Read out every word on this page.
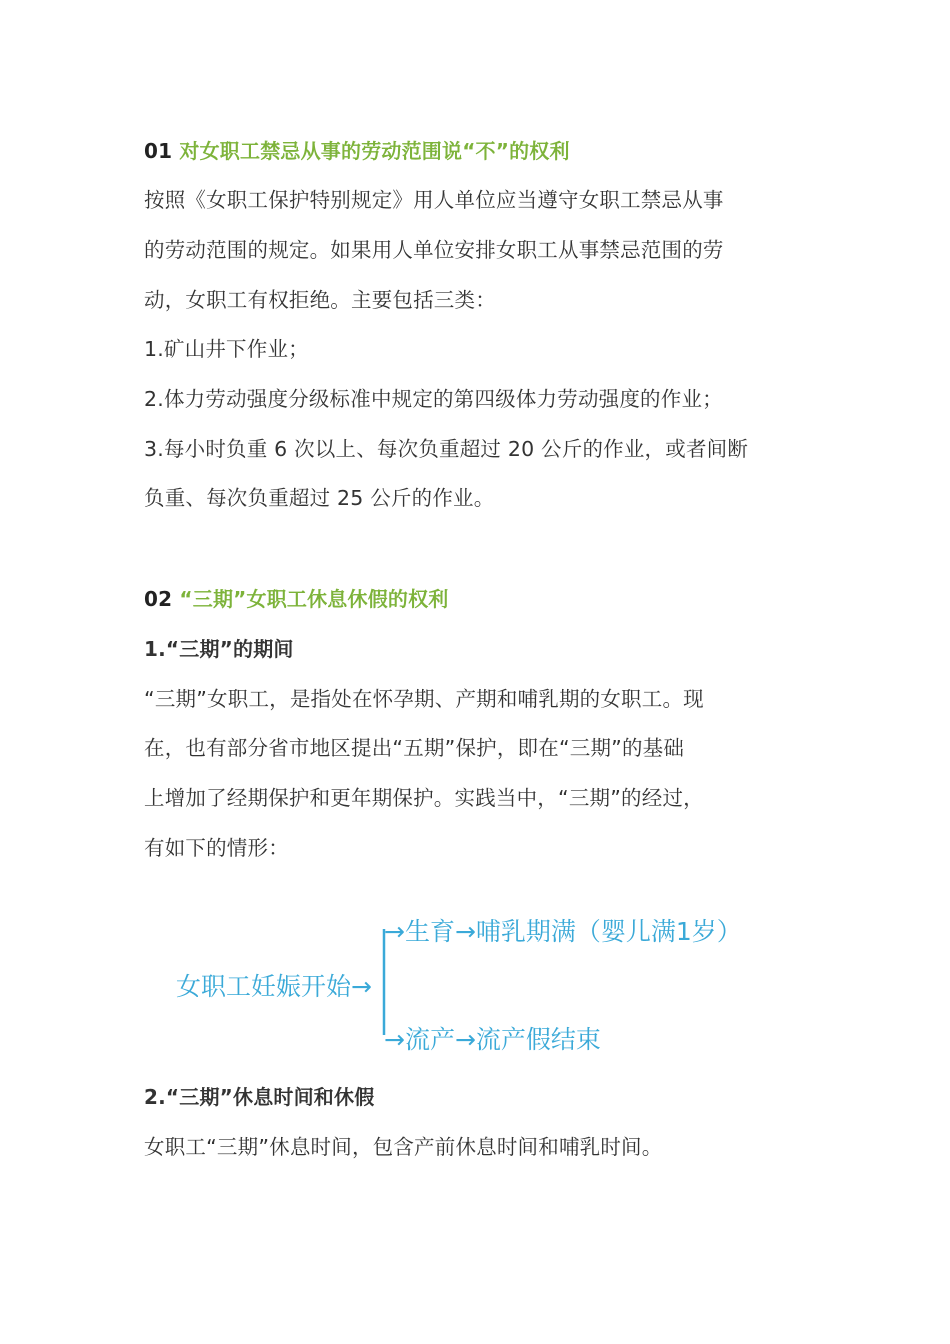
01 对女职工禁忌从事的劳动范围说“不”的权利
按照《女职工保护特别规定》用人单位应当遵守女职工禁忌从事
的劳动范围的规定。如果用人单位安排女职工从事禁忌范围的劳
动，女职工有权拒绝。主要包括三类：
1.矿山井下作业；
2.体力劳动强度分级标准中规定的第四级体力劳动强度的作业；
3.每小时负重 6 次以上、每次负重超过 20 公斤的作业，或者间断
负重、每次负重超过 25 公斤的作业。
02 “三期”女职工休息休假的权利
1.“三期”的期间
“三期”女职工，是指处在怀孕期、产期和哺乳期的女职工。现
在，也有部分省市地区提出“五期”保护，即在“三期”的基础
上增加了经期保护和更年期保护。实践当中，“三期”的经过，
有如下的情形：
2.“三期”休息时间和休假
女职工“三期”休息时间，包含产前休息时间和哺乳时间。
女职工妊娠开始→
→生育→哺乳期满（婴儿满1岁）
→流产→流产假结束
